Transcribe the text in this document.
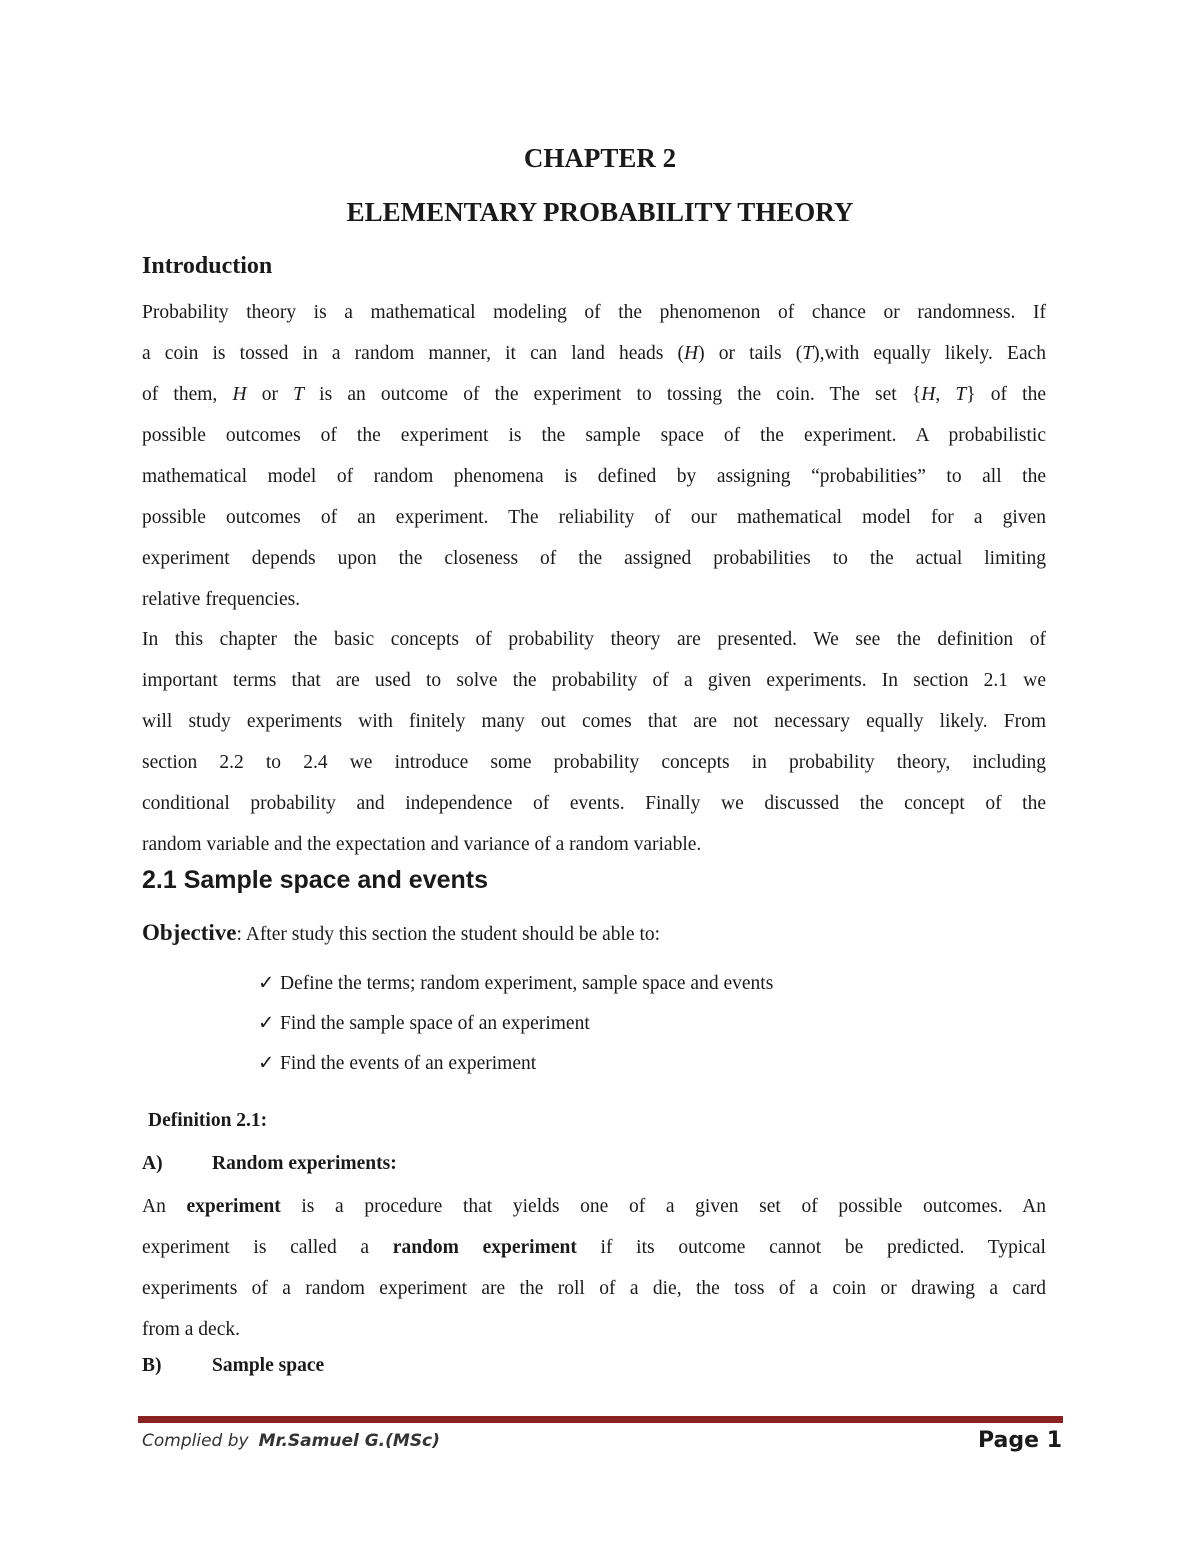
CHAPTER 2
ELEMENTARY PROBABILITY THEORY
Introduction
Probability theory is a mathematical modeling of the phenomenon of chance or randomness. If
a coin is tossed in a random manner, it can land heads (H) or tails (T),with equally likely. Each
of them, H or T is an outcome of the experiment to tossing the coin. The set {H, T} of the
possible outcomes of the experiment is the sample space of the experiment. A probabilistic
mathematical model of random phenomena is defined by assigning “probabilities” to all the
possible outcomes of an experiment. The reliability of our mathematical model for a given
experiment depends upon the closeness of the assigned probabilities to the actual limiting
relative frequencies.
In this chapter the basic concepts of probability theory are presented. We see the definition of
important terms that are used to solve the probability of a given experiments. In section 2.1 we
will study experiments with finitely many out comes that are not necessary equally likely. From
section 2.2 to 2.4 we introduce some probability concepts in probability theory, including
conditional probability and independence of events. Finally we discussed the concept of the
random variable and the expectation and variance of a random variable.
2.1 Sample space and events
Objective: After study this section the student should be able to:
✓ Define the terms; random experiment, sample space and events
✓ Find the sample space of an experiment
✓ Find the events of an experiment
Definition 2.1:
A)	Random experiments:
An experiment is a procedure that yields one of a given set of possible outcomes. An
experiment is called a random experiment if its outcome cannot be predicted. Typical
experiments of a random experiment are the roll of a die, the toss of a coin or drawing a card
from a deck.
B)	Sample space
Complied by Mr.Samuel G.(MSc)	Page 1
